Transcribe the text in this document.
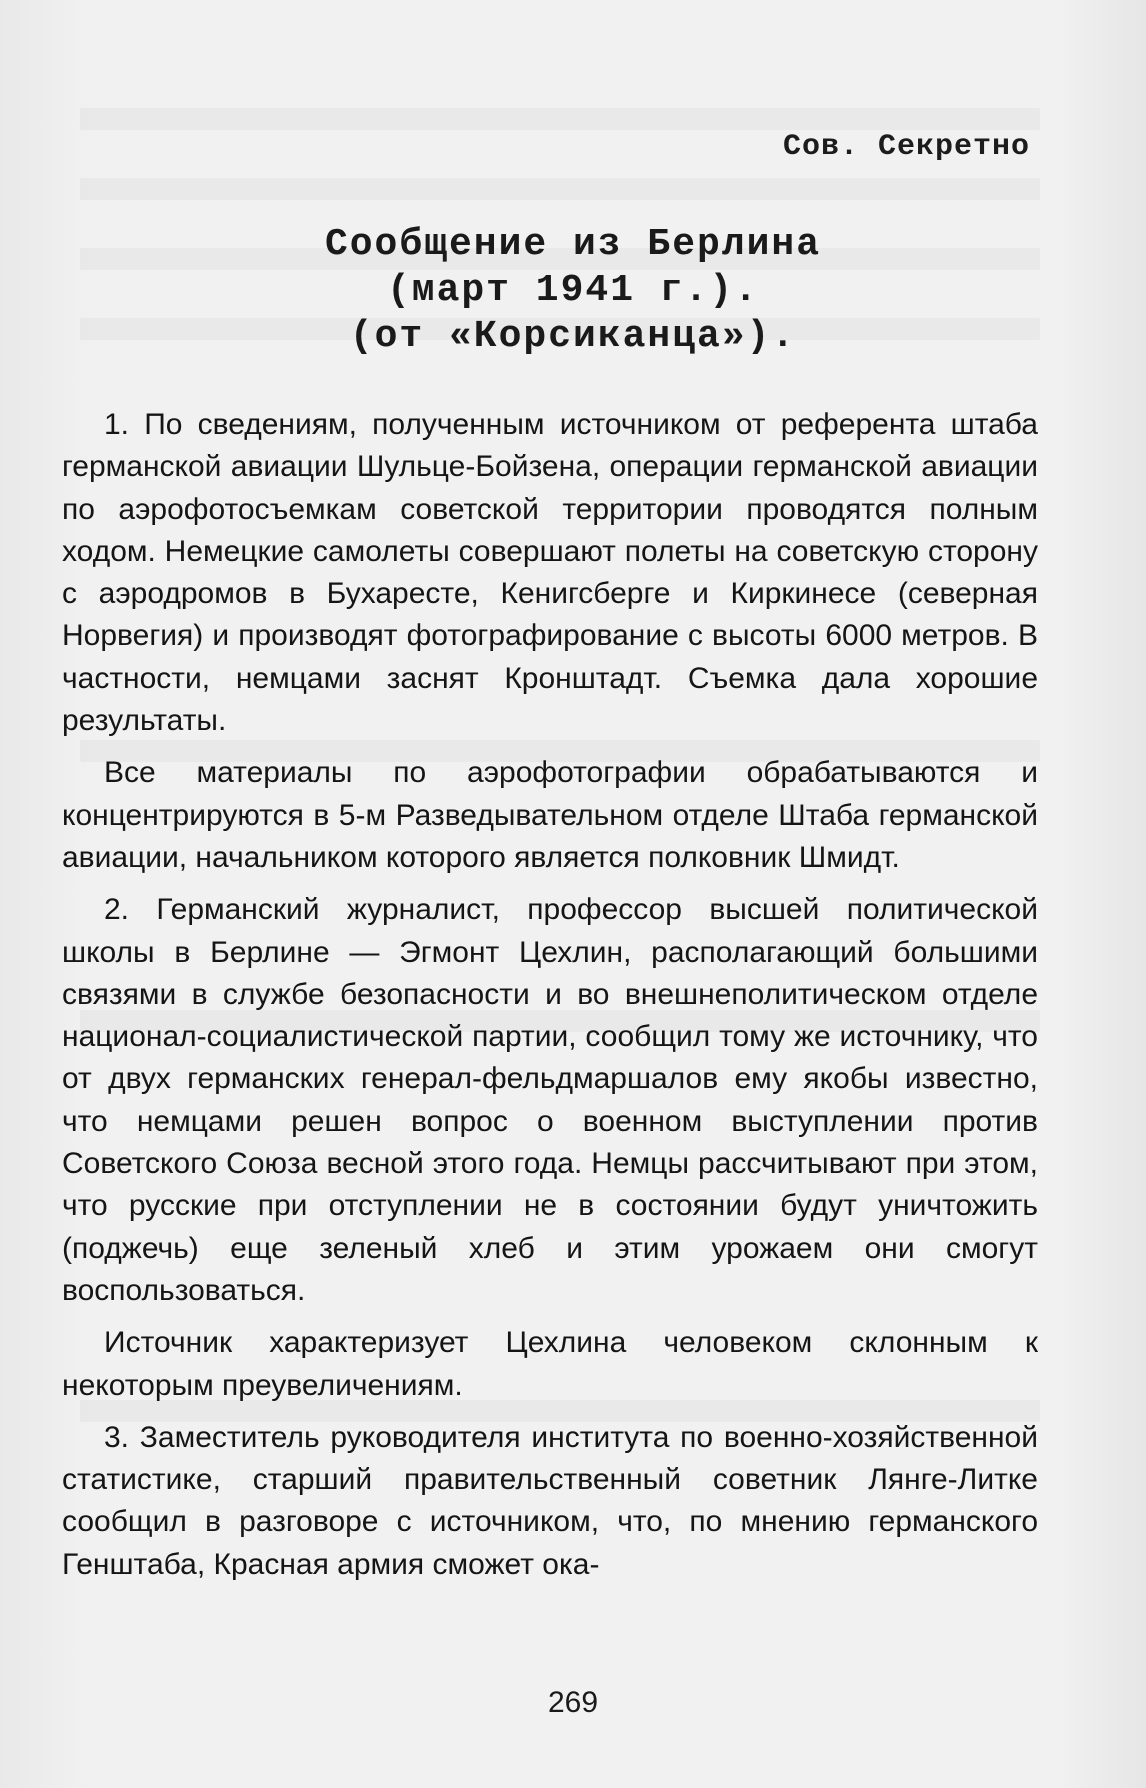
Сов. Секретно
Сообщение из Берлина
(март 1941 г.).
(от «Корсиканца»).

1. По сведениям, полученным источником от референта штаба германской авиации Шульце-Бойзена, операции германской авиации по аэрофотосъемкам советской территории проводятся полным ходом. Немецкие самолеты совершают полеты на советскую сторону с аэродромов в Бухаресте, Кенигсберге и Киркинесе (северная Норвегия) и производят фотографирование с высоты 6000 метров. В частности, немцами заснят Кронштадт. Съемка дала хорошие результаты.

Все материалы по аэрофотографии обрабатываются и концентрируются в 5-м Разведывательном отделе Штаба германской авиации, начальником которого является полковник Шмидт.

2. Германский журналист, профессор высшей политической школы в Берлине — Эгмонт Цехлин, располагающий большими связями в службе безопасности и во внешнеполитическом отделе национал-социалистической партии, сообщил тому же источнику, что от двух германских генерал-фельдмаршалов ему якобы известно, что немцами решен вопрос о военном выступлении против Советского Союза весной этого года. Немцы рассчитывают при этом, что русские при отступлении не в состоянии будут уничтожить (поджечь) еще зеленый хлеб и этим урожаем они смогут воспользоваться.

Источник характеризует Цехлина человеком склонным к некоторым преувеличениям.

3. Заместитель руководителя института по военно-хозяйственной статистике, старший правительственный советник Лянге-Литке сообщил в разговоре с источником, что, по мнению германского Генштаба, Красная армия сможет ока-

269
